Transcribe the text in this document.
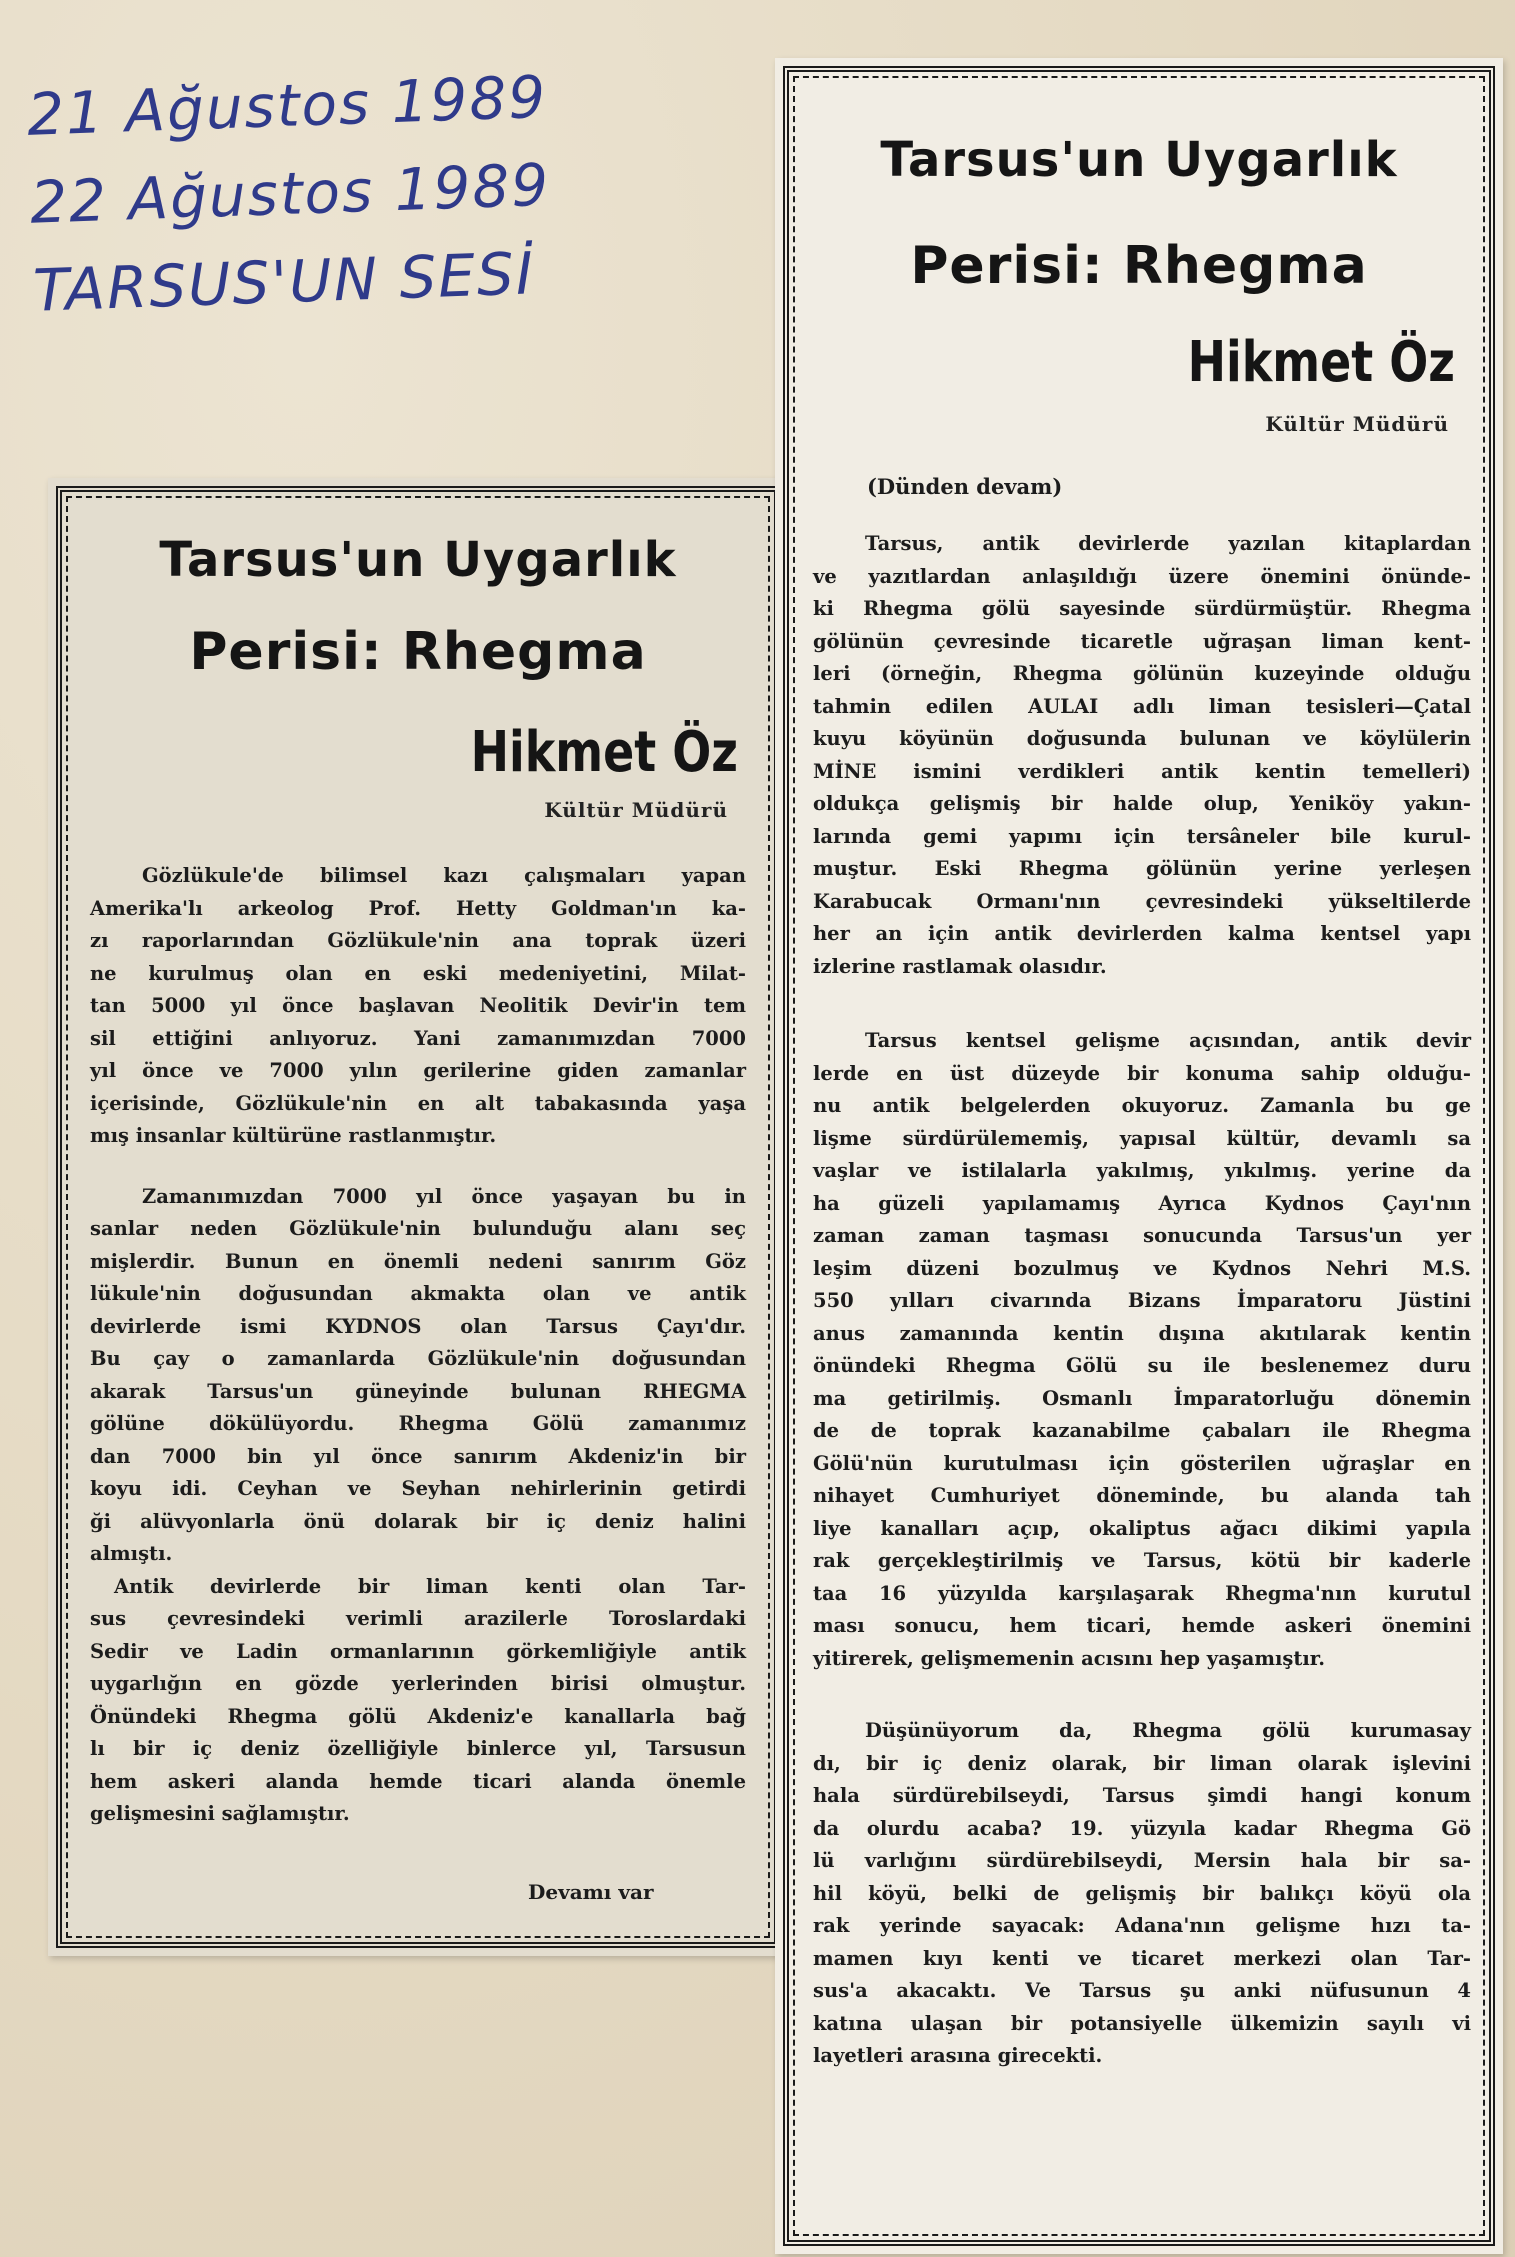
21 Ağustos 1989
22 Ağustos 1989
TARSUS'UN SESİ
Tarsus'un Uygarlık
Perisi: Rhegma
Hikmet Öz
Kültür Müdürü

Gözlükule'de bilimsel kazı çalışmaları yapan
Amerika'lı arkeolog Prof. Hetty Goldman'ın ka-
zı raporlarından Gözlükule'nin ana toprak üzeri
ne kurulmuş olan en eski medeniyetini, Milat-
tan 5000 yıl önce başlavan Neolitik Devir'in tem
sil ettiğini anlıyoruz. Yani zamanımızdan 7000
yıl önce ve 7000 yılın gerilerine giden zamanlar
içerisinde, Gözlükule'nin en alt tabakasında yaşa
mış insanlar kültürüne rastlanmıştır.

Zamanımızdan 7000 yıl önce yaşayan bu in
sanlar neden Gözlükule'nin bulunduğu alanı seç
mişlerdir. Bunun en önemli nedeni sanırım Göz
lükule'nin doğusundan akmakta olan ve antik
devirlerde ismi KYDNOS olan Tarsus Çayı'dır.
Bu çay o zamanlarda Gözlükule'nin doğusundan
akarak Tarsus'un güneyinde bulunan RHEGMA
gölüne dökülüyordu. Rhegma Gölü zamanımız
dan 7000 bin yıl önce sanırım Akdeniz'in bir
koyu idi. Ceyhan ve Seyhan nehirlerinin getirdi
ği alüvyonlarla önü dolarak bir iç deniz halini
almıştı.

Antik devirlerde bir liman kenti olan Tar-
sus çevresindeki verimli arazilerle Toroslardaki
Sedir ve Ladin ormanlarının görkemliğiyle antik
uygarlığın en gözde yerlerinden birisi olmuştur.
Önündeki Rhegma gölü Akdeniz'e kanallarla bağ
lı bir iç deniz özelliğiyle binlerce yıl, Tarsusun
hem askeri alanda hemde ticari alanda önemle
gelişmesini sağlamıştır.

Devamı var
Tarsus'un Uygarlık
Perisi: Rhegma
Hikmet Öz
Kültür Müdürü
(Dünden devam)

Tarsus, antik devirlerde yazılan kitaplardan
ve yazıtlardan anlaşıldığı üzere önemini önünde-
ki Rhegma gölü sayesinde sürdürmüştür. Rhegma
gölünün çevresinde ticaretle uğraşan liman kent-
leri (örneğin, Rhegma gölünün kuzeyinde olduğu
tahmin edilen AULAI adlı liman tesisleri—Çatal
kuyu köyünün doğusunda bulunan ve köylülerin
MİNE ismini verdikleri antik kentin temelleri)
oldukça gelişmiş bir halde olup, Yeniköy yakın-
larında gemi yapımı için tersâneler bile kurul-
muştur. Eski Rhegma gölünün yerine yerleşen
Karabucak Ormanı'nın çevresindeki yükseltilerde
her an için antik devirlerden kalma kentsel yapı
izlerine rastlamak olasıdır.

Tarsus kentsel gelişme açısından, antik devir
lerde en üst düzeyde bir konuma sahip olduğu-
nu antik belgelerden okuyoruz. Zamanla bu ge
lişme sürdürülememiş, yapısal kültür, devamlı sa
vaşlar ve istilalarla yakılmış, yıkılmış. yerine da
ha güzeli yapılamamış Ayrıca Kydnos Çayı'nın
zaman zaman taşması sonucunda Tarsus'un yer
leşim düzeni bozulmuş ve Kydnos Nehri M.S.
550 yılları civarında Bizans İmparatoru Jüstini
anus zamanında kentin dışına akıtılarak kentin
önündeki Rhegma Gölü su ile beslenemez duru
ma getirilmiş. Osmanlı İmparatorluğu dönemin
de de toprak kazanabilme çabaları ile Rhegma
Gölü'nün kurutulması için gösterilen uğraşlar en
nihayet Cumhuriyet döneminde, bu alanda tah
liye kanalları açıp, okaliptus ağacı dikimi yapıla
rak gerçekleştirilmiş ve Tarsus, kötü bir kaderle
taa 16 yüzyılda karşılaşarak Rhegma'nın kurutul
ması sonucu, hem ticari, hemde askeri önemini
yitirerek, gelişmemenin acısını hep yaşamıştır.

Düşünüyorum da, Rhegma gölü kurumasay
dı, bir iç deniz olarak, bir liman olarak işlevini
hala sürdürebilseydi, Tarsus şimdi hangi konum
da olurdu acaba? 19. yüzyıla kadar Rhegma Gö
lü varlığını sürdürebilseydi, Mersin hala bir sa-
hil köyü, belki de gelişmiş bir balıkçı köyü ola
rak yerinde sayacak: Adana'nın gelişme hızı ta-
mamen kıyı kenti ve ticaret merkezi olan Tar-
sus'a akacaktı. Ve Tarsus şu anki nüfusunun 4
katına ulaşan bir potansiyelle ülkemizin sayılı vi
layetleri arasına girecekti.
